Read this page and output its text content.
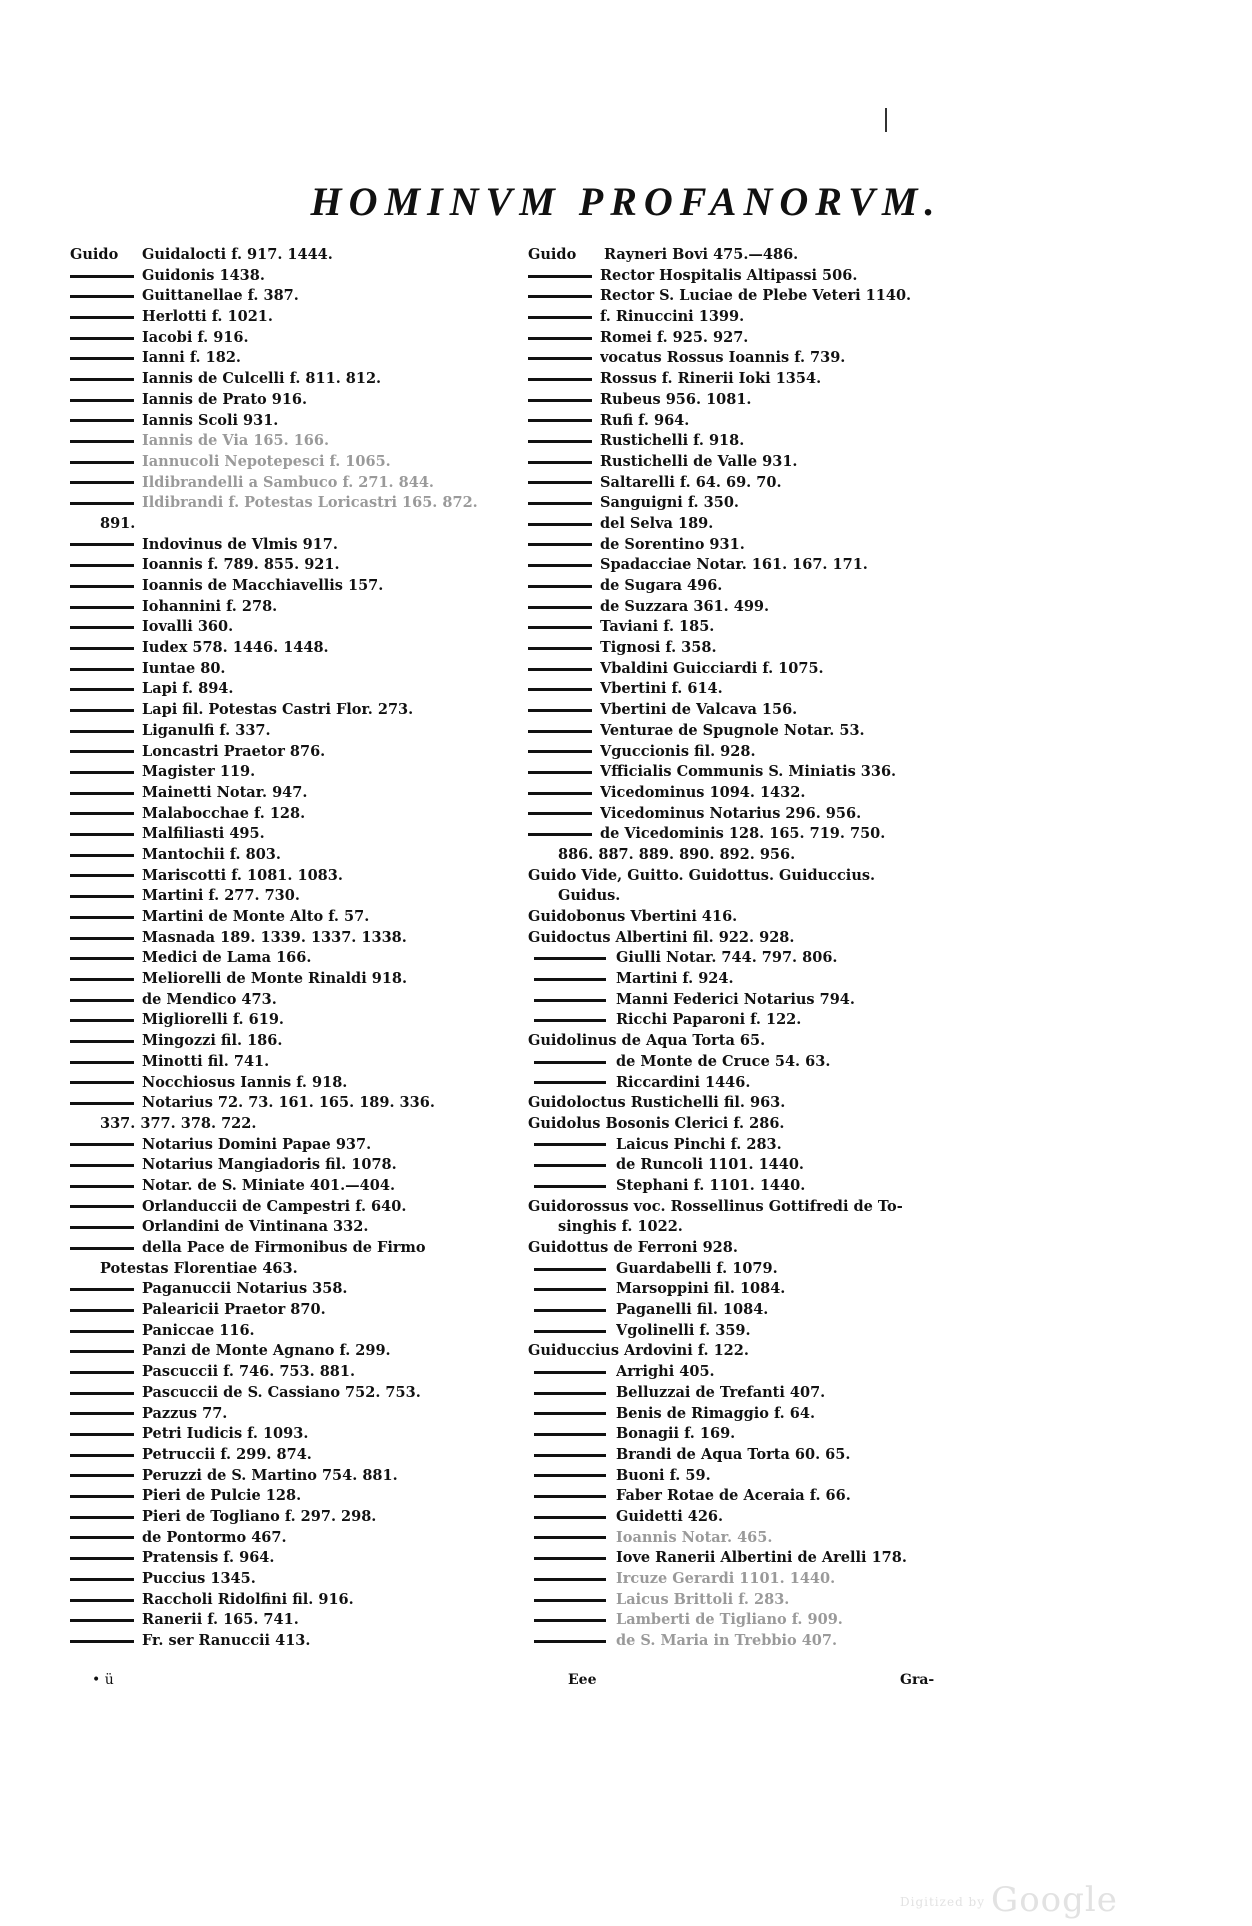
HOMINVM PROFANORVM.
Guido	Guidalocti f. 917. 1444.
Guidonis 1438.
Guittanellae f. 387.
Herlotti f. 1021.
Iacobi f. 916.
Ianni f. 182.
Iannis de Culcelli f. 811. 812.
Iannis de Prato 916.
Iannis Scoli 931.
Iannis de Via 165. 166.
Iannucoli Nepotepesci f. 1065.
Ildibrandelli a Sambuco f. 271. 844.
Ildibrandi f. Potestas Loricastri 165. 872.
891.
Indovinus de Vlmis 917.
Ioannis f. 789. 855. 921.
Ioannis de Macchiavellis 157.
Iohannini f. 278.
Iovalli 360.
Iudex 578. 1446. 1448.
Iuntae 80.
Lapi f. 894.
Lapi fil. Potestas Castri Flor. 273.
Liganulfi f. 337.
Loncastri Praetor 876.
Magister 119.
Mainetti Notar. 947.
Malabocchae f. 128.
Malfiliasti 495.
Mantochii f. 803.
Mariscotti f. 1081. 1083.
Martini f. 277. 730.
Martini de Monte Alto f. 57.
Masnada 189. 1339. 1337. 1338.
Medici de Lama 166.
Meliorelli de Monte Rinaldi 918.
de Mendico 473.
Migliorelli f. 619.
Mingozzi fil. 186.
Minotti fil. 741.
Nocchiosus Iannis f. 918.
Notarius 72. 73. 161. 165. 189. 336.
337. 377. 378. 722.
Notarius Domini Papae 937.
Notarius Mangiadoris fil. 1078.
Notar. de S. Miniate 401.—404.
Orlanduccii de Campestri f. 640.
Orlandini de Vintinana 332.
della Pace de Firmonibus de Firmo
Potestas Florentiae 463.
Paganuccii Notarius 358.
Palearicii Praetor 870.
Paniccae 116.
Panzi de Monte Agnano f. 299.
Pascuccii f. 746. 753. 881.
Pascuccii de S. Cassiano 752. 753.
Pazzus 77.
Petri Iudicis f. 1093.
Petruccii f. 299. 874.
Peruzzi de S. Martino 754. 881.
Pieri de Pulcie 128.
Pieri de Togliano f. 297. 298.
de Pontormo 467.
Pratensis f. 964.
Puccius 1345.
Raccholi Ridolfini fil. 916.
Ranerii f. 165. 741.
Fr. ser Ranuccii 413.
Guido	Rayneri Bovi 475.—486.
Rector Hospitalis Altipassi 506.
Rector S. Luciae de Plebe Veteri 1140.
f. Rinuccini 1399.
Romei f. 925. 927.
vocatus Rossus Ioannis f. 739.
Rossus f. Rinerii Ioki 1354.
Rubeus 956. 1081.
Rufi f. 964.
Rustichelli f. 918.
Rustichelli de Valle 931.
Saltarelli f. 64. 69. 70.
Sanguigni f. 350.
del Selva 189.
de Sorentino 931.
Spadacciae Notar. 161. 167. 171.
de Sugara 496.
de Suzzara 361. 499.
Taviani f. 185.
Tignosi f. 358.
Vbaldini Guicciardi f. 1075.
Vbertini f. 614.
Vbertini de Valcava 156.
Venturae de Spugnole Notar. 53.
Vguccionis fil. 928.
Vfficialis Communis S. Miniatis 336.
Vicedominus 1094. 1432.
Vicedominus Notarius 296. 956.
de Vicedominis 128. 165. 719. 750.
886. 887. 889. 890. 892. 956.
Guido Vide, Guitto. Guidottus. Guiduccius.
Guidus.
Guidobonus Vbertini 416.
Guidoctus Albertini fil. 922. 928.
Giulli Notar. 744. 797. 806.
Martini f. 924.
Manni Federici Notarius 794.
Ricchi Paparoni f. 122.
Guidolinus de Aqua Torta 65.
de Monte de Cruce 54. 63.
Riccardini 1446.
Guidoloctus Rustichelli fil. 963.
Guidolus Bosonis Clerici f. 286.
Laicus Pinchi f. 283.
de Runcoli 1101. 1440.
Stephani f. 1101. 1440.
Guidorossus voc. Rossellinus Gottifredi de To-
singhis f. 1022.
Guidottus de Ferroni 928.
Guardabelli f. 1079.
Marsoppini fil. 1084.
Paganelli fil. 1084.
Vgolinelli f. 359.
Guiduccius Ardovini f. 122.
Arrighi 405.
Belluzzai de Trefanti 407.
Benis de Rimaggio f. 64.
Bonagii f. 169.
Brandi de Aqua Torta 60. 65.
Buoni f. 59.
Faber Rotae de Aceraia f. 66.
Guidetti 426.
Ioannis Notar. 465.
Iove Ranerii Albertini de Arelli 178.
Ircuze Gerardi 1101. 1440.
Laicus Brittoli f. 283.
Lamberti de Tigliano f. 909.
de S. Maria in Trebbio 407.
• ü	Eee	Gra-
Digitized by Google
